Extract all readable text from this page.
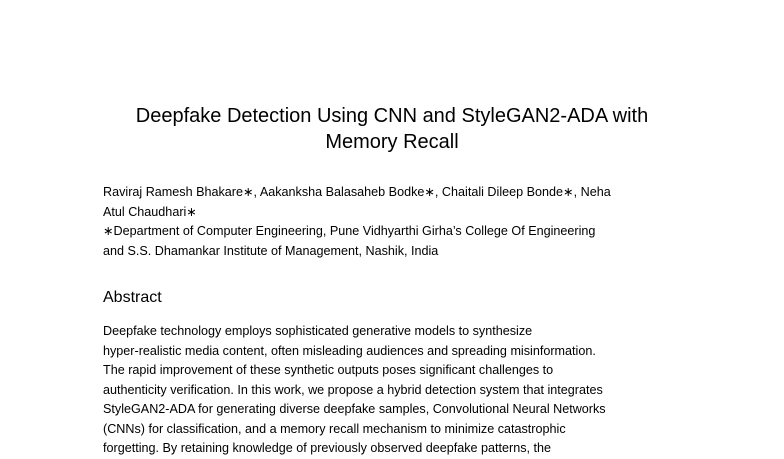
Deepfake Detection Using CNN and StyleGAN2-ADA with
Memory Recall
Raviraj Ramesh Bhakare∗, Aakanksha Balasaheb Bodke∗, Chaitali Dileep Bonde∗, Neha
Atul Chaudhari∗
∗Department of Computer Engineering, Pune Vidhyarthi Girha’s College Of Engineering
and S.S. Dhamankar Institute of Management, Nashik, India
Abstract
Deepfake technology employs sophisticated generative models to synthesize
hyper-realistic media content, often misleading audiences and spreading misinformation.
The rapid improvement of these synthetic outputs poses significant challenges to
authenticity verification. In this work, we propose a hybrid detection system that integrates
StyleGAN2-ADA for generating diverse deepfake samples, Convolutional Neural Networks
(CNNs) for classification, and a memory recall mechanism to minimize catastrophic
forgetting. By retaining knowledge of previously observed deepfake patterns, the
